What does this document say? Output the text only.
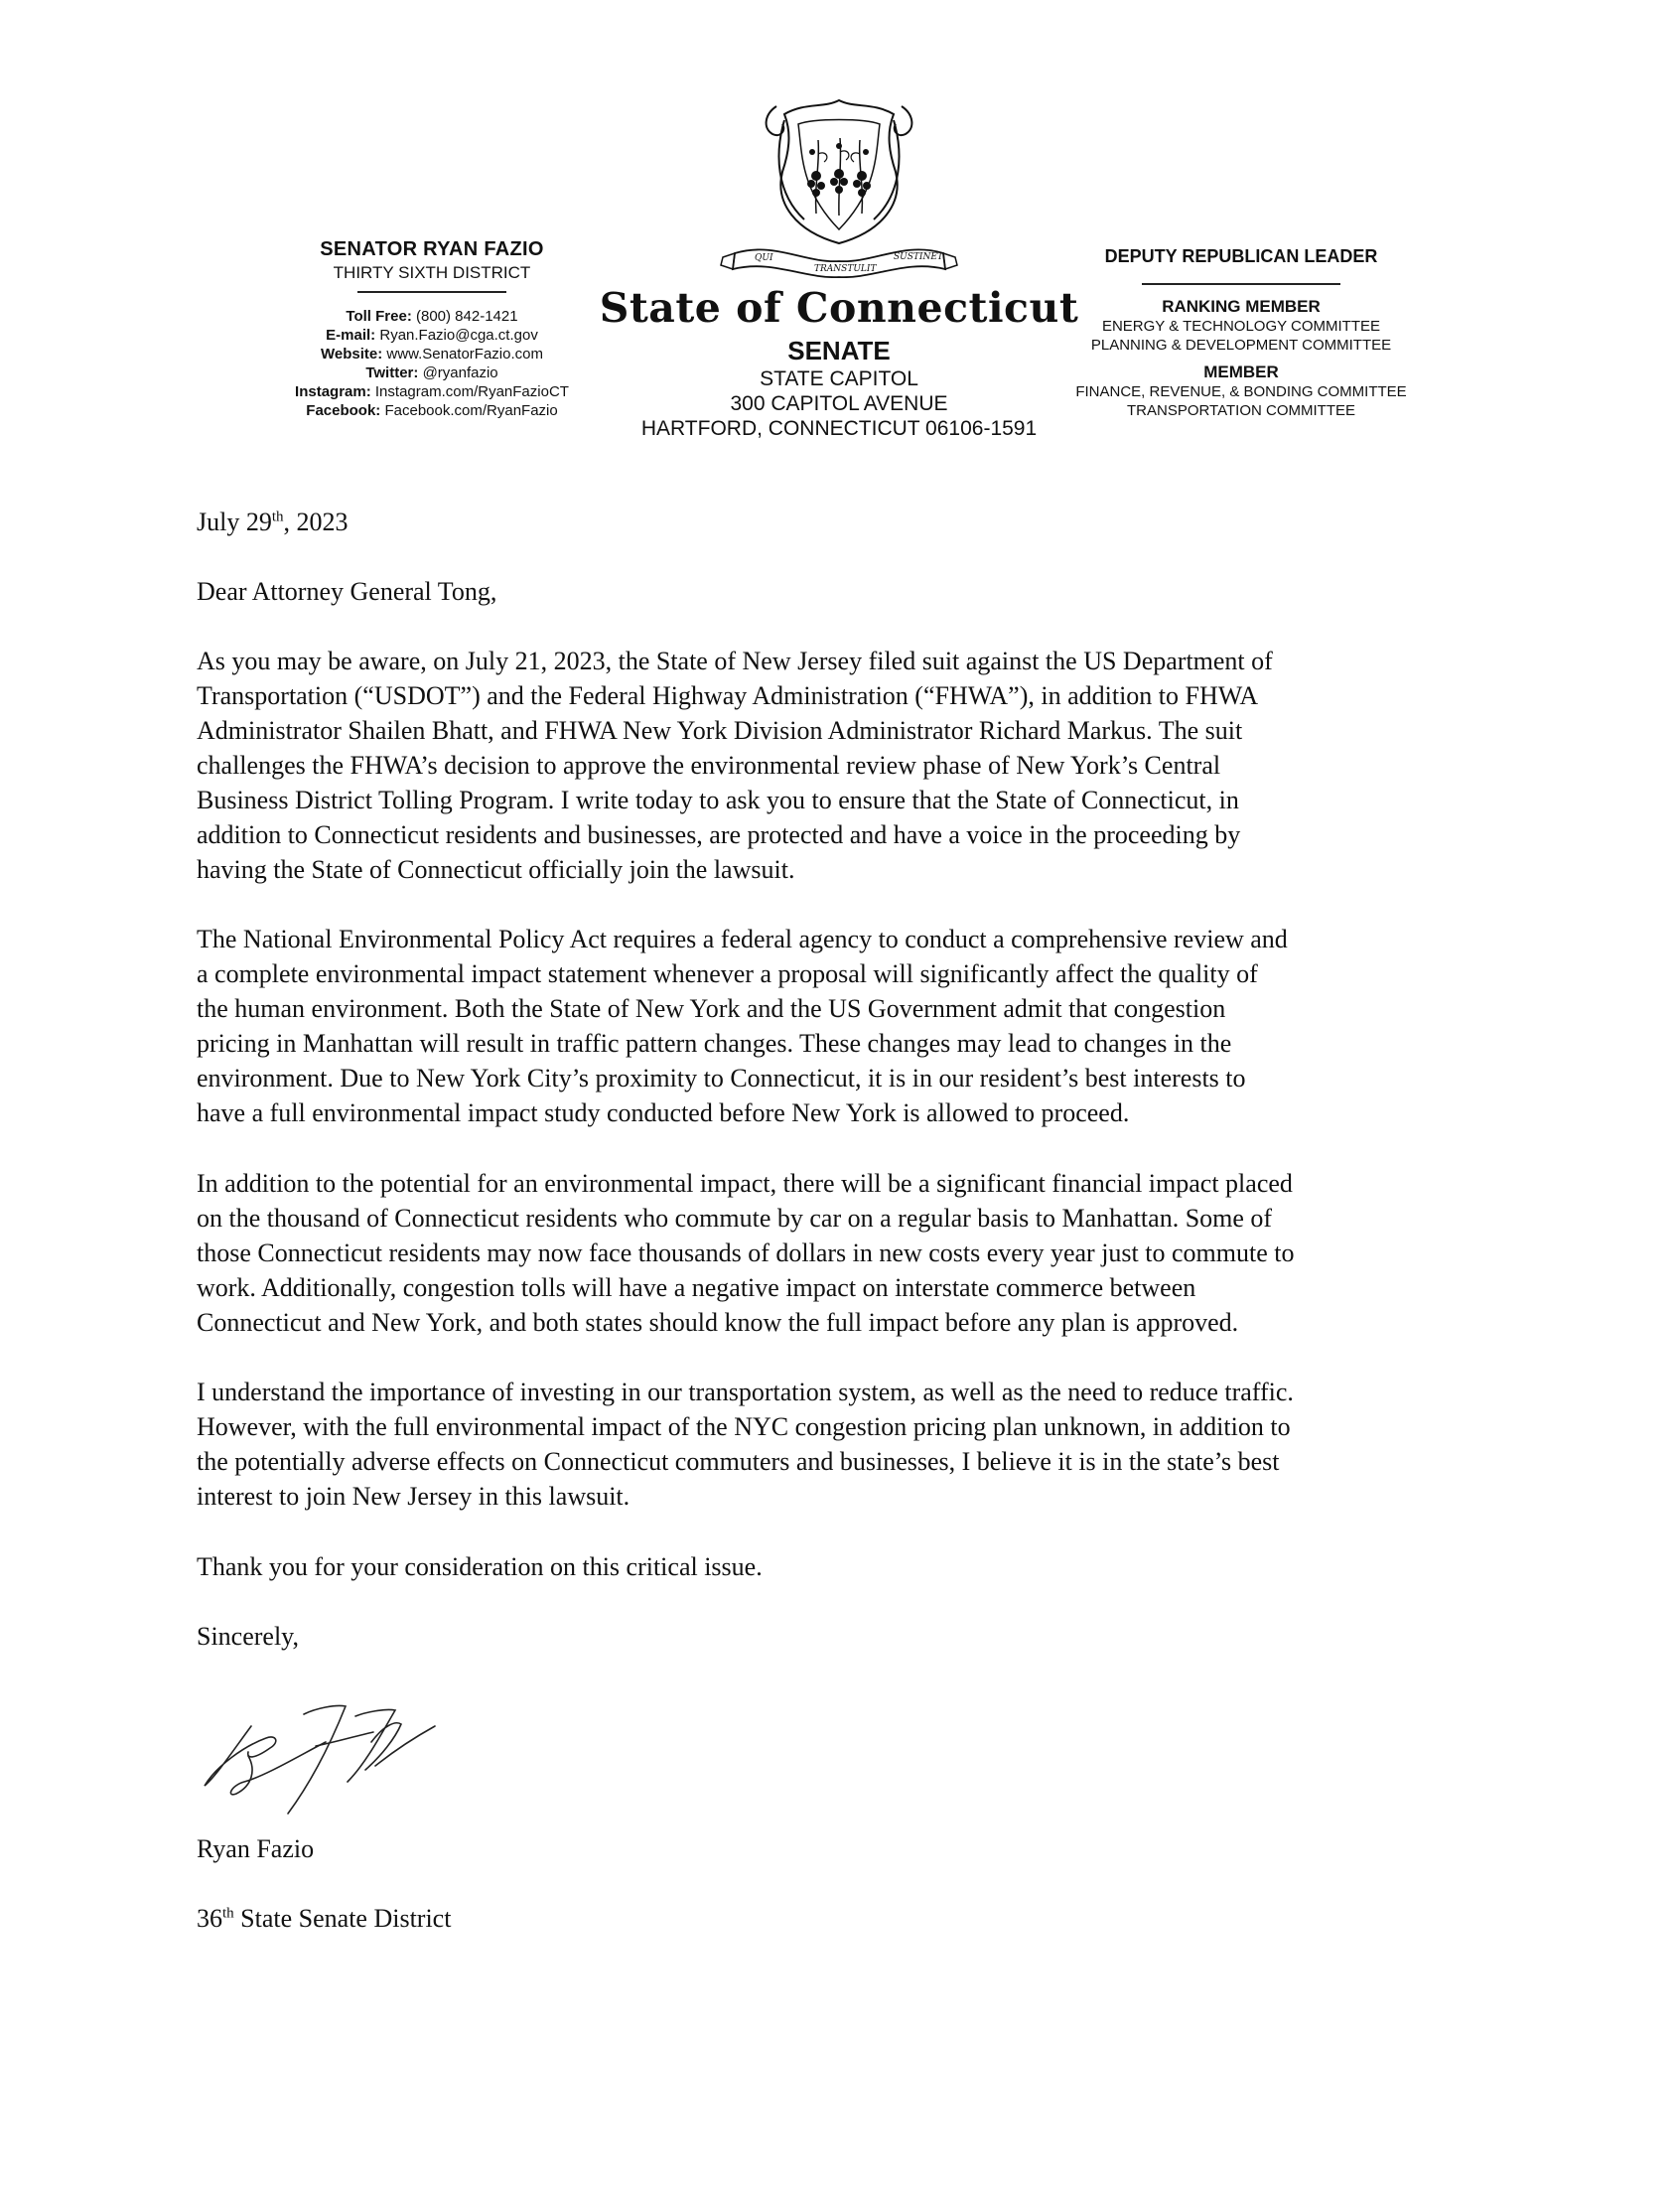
SENATOR RYAN FAZIO
THIRTY SIXTH DISTRICT
Toll Free: (800) 842-1421
E-mail: Ryan.Fazio@cga.ct.gov
Website: www.SenatorFazio.com
Twitter: @ryanfazio
Instagram: Instagram.com/RyanFazioCT
Facebook: Facebook.com/RyanFazio
QUI
TRANSTULIT
SUSTINET
State of Connecticut
SENATE
STATE CAPITOL
300 CAPITOL AVENUE
HARTFORD, CONNECTICUT 06106-1591
DEPUTY REPUBLICAN LEADER
RANKING MEMBER
ENERGY & TECHNOLOGY COMMITTEE
PLANNING & DEVELOPMENT COMMITTEE
MEMBER
FINANCE, REVENUE, & BONDING COMMITTEE
TRANSPORTATION COMMITTEE

July 29th, 2023

Dear Attorney General Tong,

As you may be aware, on July 21, 2023, the State of New Jersey filed suit against the US Department of
Transportation (“USDOT”) and the Federal Highway Administration (“FHWA”), in addition to FHWA
Administrator Shailen Bhatt, and FHWA New York Division Administrator Richard Markus. The suit
challenges the FHWA’s decision to approve the environmental review phase of New York’s Central
Business District Tolling Program. I write today to ask you to ensure that the State of Connecticut, in
addition to Connecticut residents and businesses, are protected and have a voice in the proceeding by
having the State of Connecticut officially join the lawsuit.
The National Environmental Policy Act requires a federal agency to conduct a comprehensive review and
a complete environmental impact statement whenever a proposal will significantly affect the quality of
the human environment. Both the State of New York and the US Government admit that congestion
pricing in Manhattan will result in traffic pattern changes. These changes may lead to changes in the
environment. Due to New York City’s proximity to Connecticut, it is in our resident’s best interests to
have a full environmental impact study conducted before New York is allowed to proceed.
In addition to the potential for an environmental impact, there will be a significant financial impact placed
on the thousand of Connecticut residents who commute by car on a regular basis to Manhattan. Some of
those Connecticut residents may now face thousands of dollars in new costs every year just to commute to
work. Additionally, congestion tolls will have a negative impact on interstate commerce between
Connecticut and New York, and both states should know the full impact before any plan is approved.
I understand the importance of investing in our transportation system, as well as the need to reduce traffic.
However, with the full environmental impact of the NYC congestion pricing plan unknown, in addition to
the potentially adverse effects on Connecticut commuters and businesses, I believe it is in the state’s best
interest to join New Jersey in this lawsuit.

Thank you for your consideration on this critical issue.

Sincerely,

Ryan Fazio

36th State Senate District
